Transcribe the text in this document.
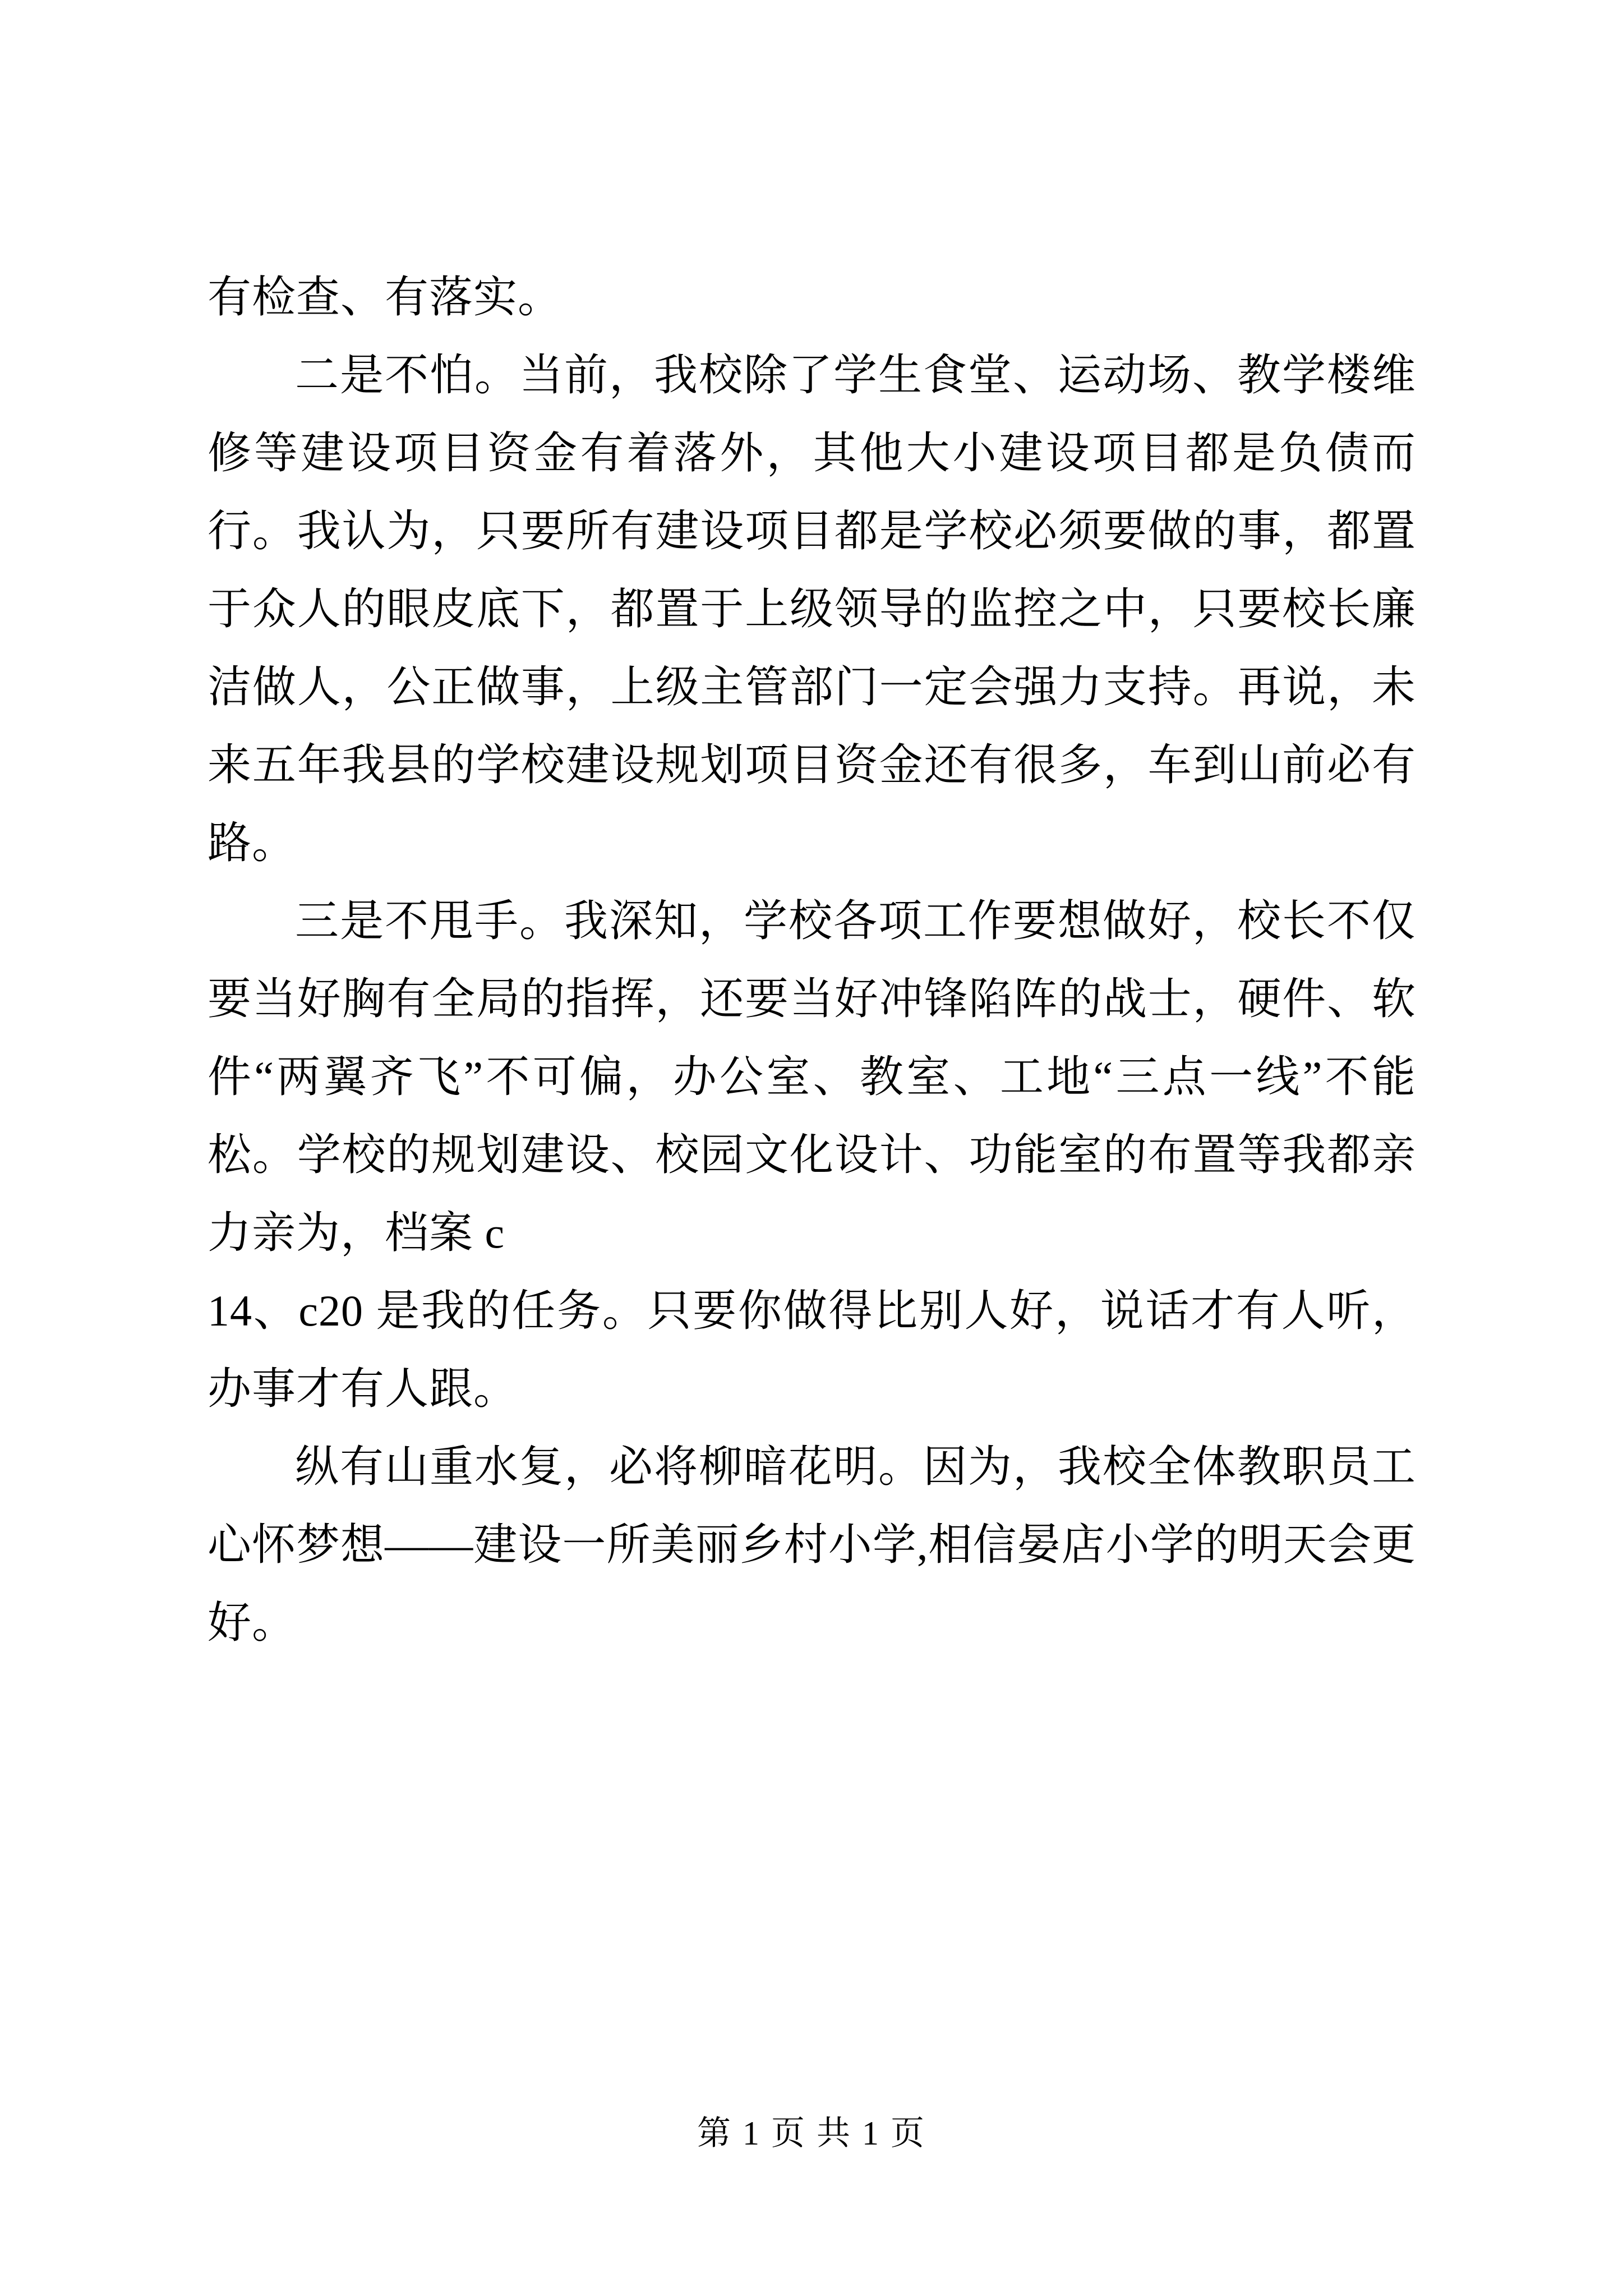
有检查、有落实。

二是不怕。当前，我校除了学生食堂、运动场、教学楼维修等建设项目资金有着落外，其他大小建设项目都是负债而行。我认为，只要所有建设项目都是学校必须要做的事，都置于众人的眼皮底下，都置于上级领导的监控之中，只要校长廉洁做人，公正做事，上级主管部门一定会强力支持。再说，未来五年我县的学校建设规划项目资金还有很多，车到山前必有路。

三是不甩手。我深知，学校各项工作要想做好，校长不仅要当好胸有全局的指挥，还要当好冲锋陷阵的战士，硬件、软件“两翼齐飞”不可偏，办公室、教室、工地“三点一线”不能松。学校的规划建设、校园文化设计、功能室的布置等我都亲力亲为，档案 c

14、c20 是我的任务。只要你做得比别人好，说话才有人听，办事才有人跟。

纵有山重水复，必将柳暗花明。因为，我校全体教职员工心怀梦想——建设一所美丽乡村小学,相信晏店小学的明天会更好。

第 1 页 共 1 页
